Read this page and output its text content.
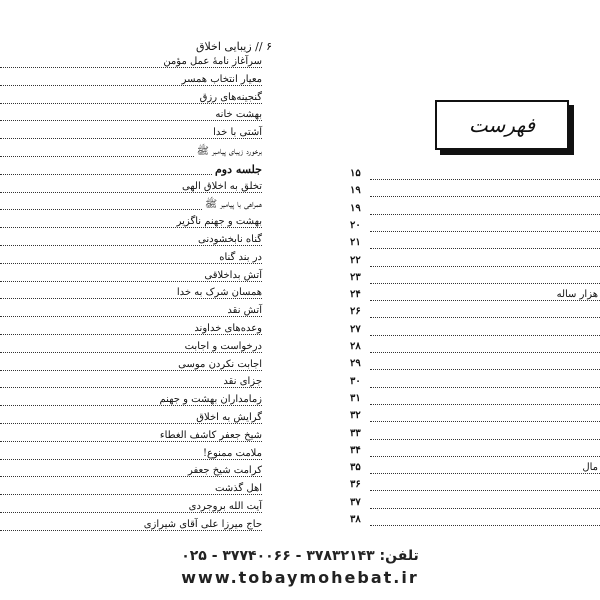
۶ // زیبایی اخلاق
سرآغاز نامهٔ عمل مؤمن
معیار انتخاب همسر
گنجینه‌های رزق
بهشت خانه
آشتی با خدا
برخورد زیبای پیامبر ﷺ
جلسه دوم
تخلق به اخلاق الهی
همراهی با پیامبر ﷺ
بهشت و جهنم ناگزیر
گناه نابخشودنی
در بند گناه
آتش بداخلاقی
همسان شرک به خدا
آتش نقد
وعده‌های خداوند
درخواست و اجابت
اجابت نکردن موسی
جزای نقد
زمامداران بهشت و جهنم
گرایش به اخلاق
شیخ جعفر کاشف الغطاء
ملامت ممنوع!
کرامت شیخ جعفر
اهل گذشت
آیت الله بروجردی
حاج میرزا علی آقای شیرازی
فهرست
۱۵
۱۹
۱۹
۲۰
۲۱
۲۲
۲۳
۲۴	هزار ساله
۲۶
۲۷
۲۸
۲۹
۳۰
۳۱
۳۲
۳۳
۳۴
۳۵	مال
۳۶
۳۷
۳۸
تلفن: ۳۷۸۳۲۱۴۳ - ۳۷۷۴۰۰۶۶ - ۰۲۵
www.tobaymohebat.ir
